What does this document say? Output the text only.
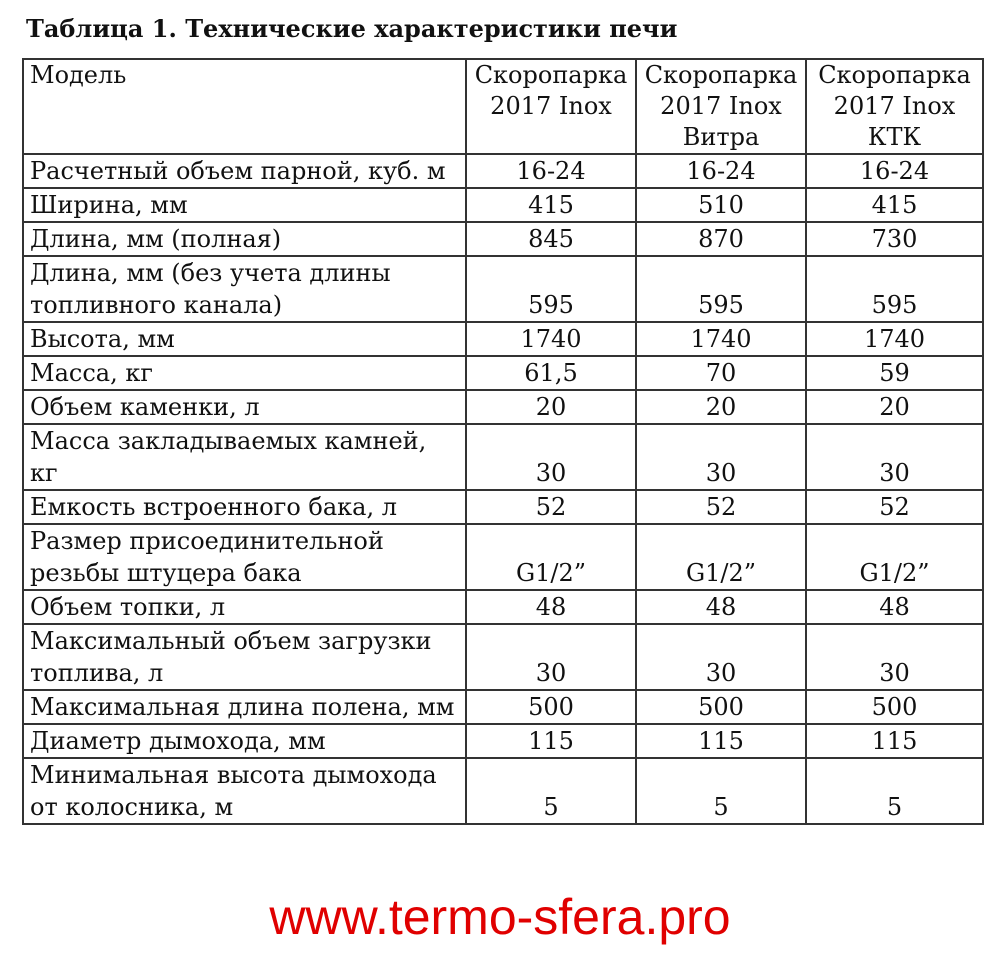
Таблица 1. Технические характеристики печи
Модель	Скоропарка 2017 Inox	Скоропарка 2017 Inox Витра	Скоропарка 2017 Inox КТК
Расчетный объем парной, куб. м	16-24	16-24	16-24
Ширина, мм	415	510	415
Длина, мм (полная)	845	870	730
Длина, мм (без учета длины топливного канала)	595	595	595
Высота, мм	1740	1740	1740
Масса, кг	61,5	70	59
Объем каменки, л	20	20	20
Масса закладываемых камней, кг	30	30	30
Емкость встроенного бака, л	52	52	52
Размер присоединительной резьбы штуцера бака	G1/2”	G1/2”	G1/2”
Объем топки, л	48	48	48
Максимальный объем загрузки топлива, л	30	30	30
Максимальная длина полена, мм	500	500	500
Диаметр дымохода, мм	115	115	115
Минимальная высота дымохода от колосника, м	5	5	5
www.termo-sfera.pro
